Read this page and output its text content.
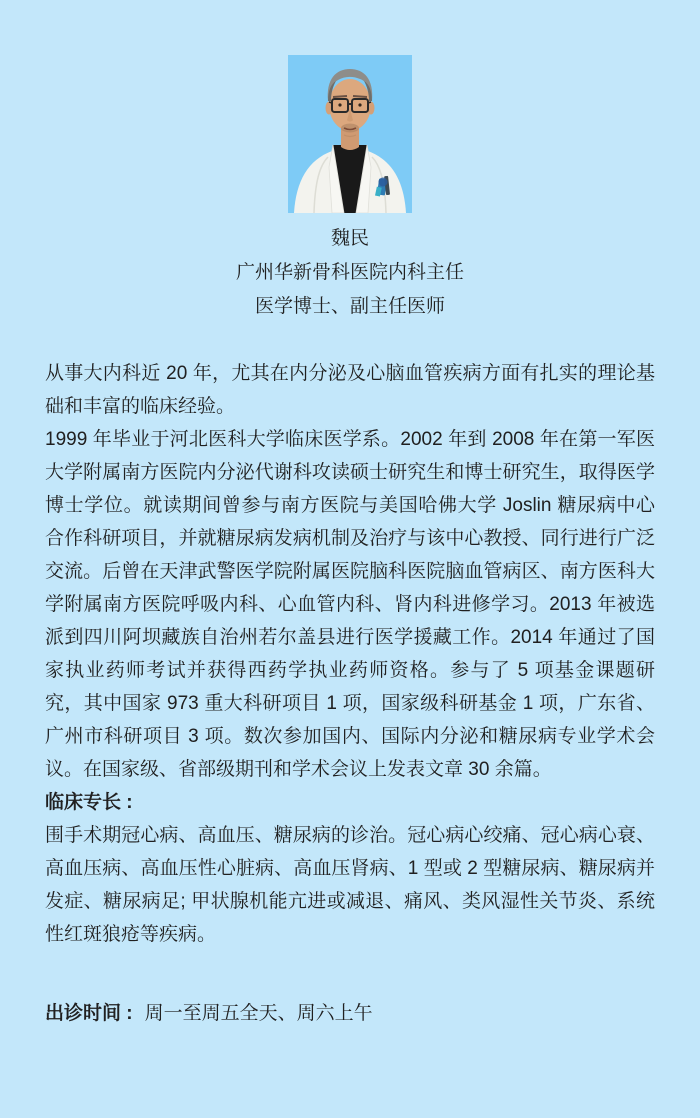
魏民
广州华新骨科医院内科主任
医学博士、副主任医师

从事大内科近 20 年，尤其在内分泌及心脑血管疾病方面有扎实的理论基础和丰富的临床经验。

1999 年毕业于河北医科大学临床医学系。2002 年到 2008 年在第一军医大学附属南方医院内分泌代谢科攻读硕士研究生和博士研究生，取得医学博士学位。就读期间曾参与南方医院与美国哈佛大学 Joslin 糖尿病中心合作科研项目，并就糖尿病发病机制及治疗与该中心教授、同行进行广泛交流。后曾在天津武警医学院附属医院脑科医院脑血管病区、南方医科大学附属南方医院呼吸内科、心血管内科、肾内科进修学习。2013 年被选派到四川阿坝藏族自治州若尔盖县进行医学援藏工作。2014 年通过了国家执业药师考试并获得西药学执业药师资格。参与了 5 项基金课题研究，其中国家 973 重大科研项目 1 项，国家级科研基金 1 项，广东省、广州市科研项目 3 项。数次参加国内、国际内分泌和糖尿病专业学术会议。在国家级、省部级期刊和学术会议上发表文章 30 余篇。

临床专长 :

围手术期冠心病、高血压、糖尿病的诊治。冠心病心绞痛、冠心病心衰、高血压病、高血压性心脏病、高血压肾病、1 型或 2 型糖尿病、糖尿病并发症、糖尿病足; 甲状腺机能亢进或减退、痛风、类风湿性关节炎、系统性红斑狼疮等疾病。

出诊时间 : 周一至周五全天、周六上午
